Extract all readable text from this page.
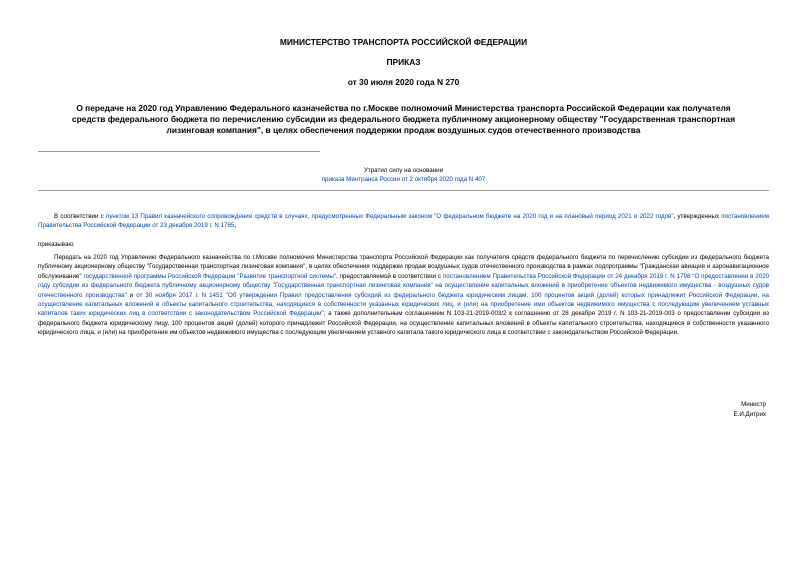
МИНИСТЕРСТВО ТРАНСПОРТА РОССИЙСКОЙ ФЕДЕРАЦИИ
ПРИКАЗ
от 30 июля 2020 года N 270
О передаче на 2020 год Управлению Федерального казначейства по г.Москве полномочий Министерства транспорта Российской Федерации как получателя
средств федерального бюджета по перечислению субсидии из федерального бюджета публичному акционерному обществу "Государственная транспортная
лизинговая компания", в целях обеспечения поддержки продаж воздушных судов отечественного производства
Утратил силу на основании
приказа Минтранса России от 2 октября 2020 года N 407
В соответствии с пунктом 13 Правил казначейского сопровождения средств в случаях, предусмотренных Федеральным законом "О федеральном бюджете на 2020 год и на плановый период 2021 и 2022 годов", утвержденных постановлением Правительства Российской Федерации от 23 декабря 2019 г. N 1765,
приказываю:
Передать на 2020 год Управлению Федерального казначейства по г.Москве полномочия Министерства транспорта Российской Федерации как получателя средств федерального бюджета по перечислению субсидии из федерального бюджета публичному акционерному обществу "Государственная транспортная лизинговая компания", в целях обеспечения поддержки продаж воздушных судов отечественного производства в рамках подпрограммы "Гражданская авиация и аэронавигационное обслуживание" государственной программы Российской Федерации "Развитие транспортной системы", предоставляемой в соответствии с постановлением Правительства Российской Федерации от 24 декабря 2019 г. N 1798 "О предоставлении в 2020 году субсидии из федерального бюджета публичному акционерному обществу "Государственная транспортная лизинговая компания" на осуществление капитальных вложений в приобретение объектов недвижимого имущества - воздушных судов отечественного производства" и от 30 ноября 2017 г. N 1451 "Об утверждении Правил предоставления субсидий из федерального бюджета юридическим лицам, 100 процентов акций (долей) которых принадлежит Российской Федерации, на осуществление капитальных вложений в объекты капитального строительства, находящиеся в собственности указанных юридических лиц, и (или) на приобретение ими объектов недвижимого имущества с последующим увеличением уставных капиталов таких юридических лиц в соответствии с законодательством Российской Федерации", а также дополнительным соглашением N 103-21-2019-003/2 к соглашению от 28 декабря 2019 г. N 103-21-2019-003 о предоставлении субсидии из федерального бюджета юридическому лицу, 100 процентов акций (долей) которого принадлежит Российской Федерации, на осуществление капитальных вложений в объекты капитального строительства, находящиеся в собственности указанного юридического лица, и (или) на приобретение им объектов недвижимого имущества с последующим увеличением уставного капитала такого юридического лица в соответствии с законодательством Российской Федерации.
Министр
Е.И.Дитрих
